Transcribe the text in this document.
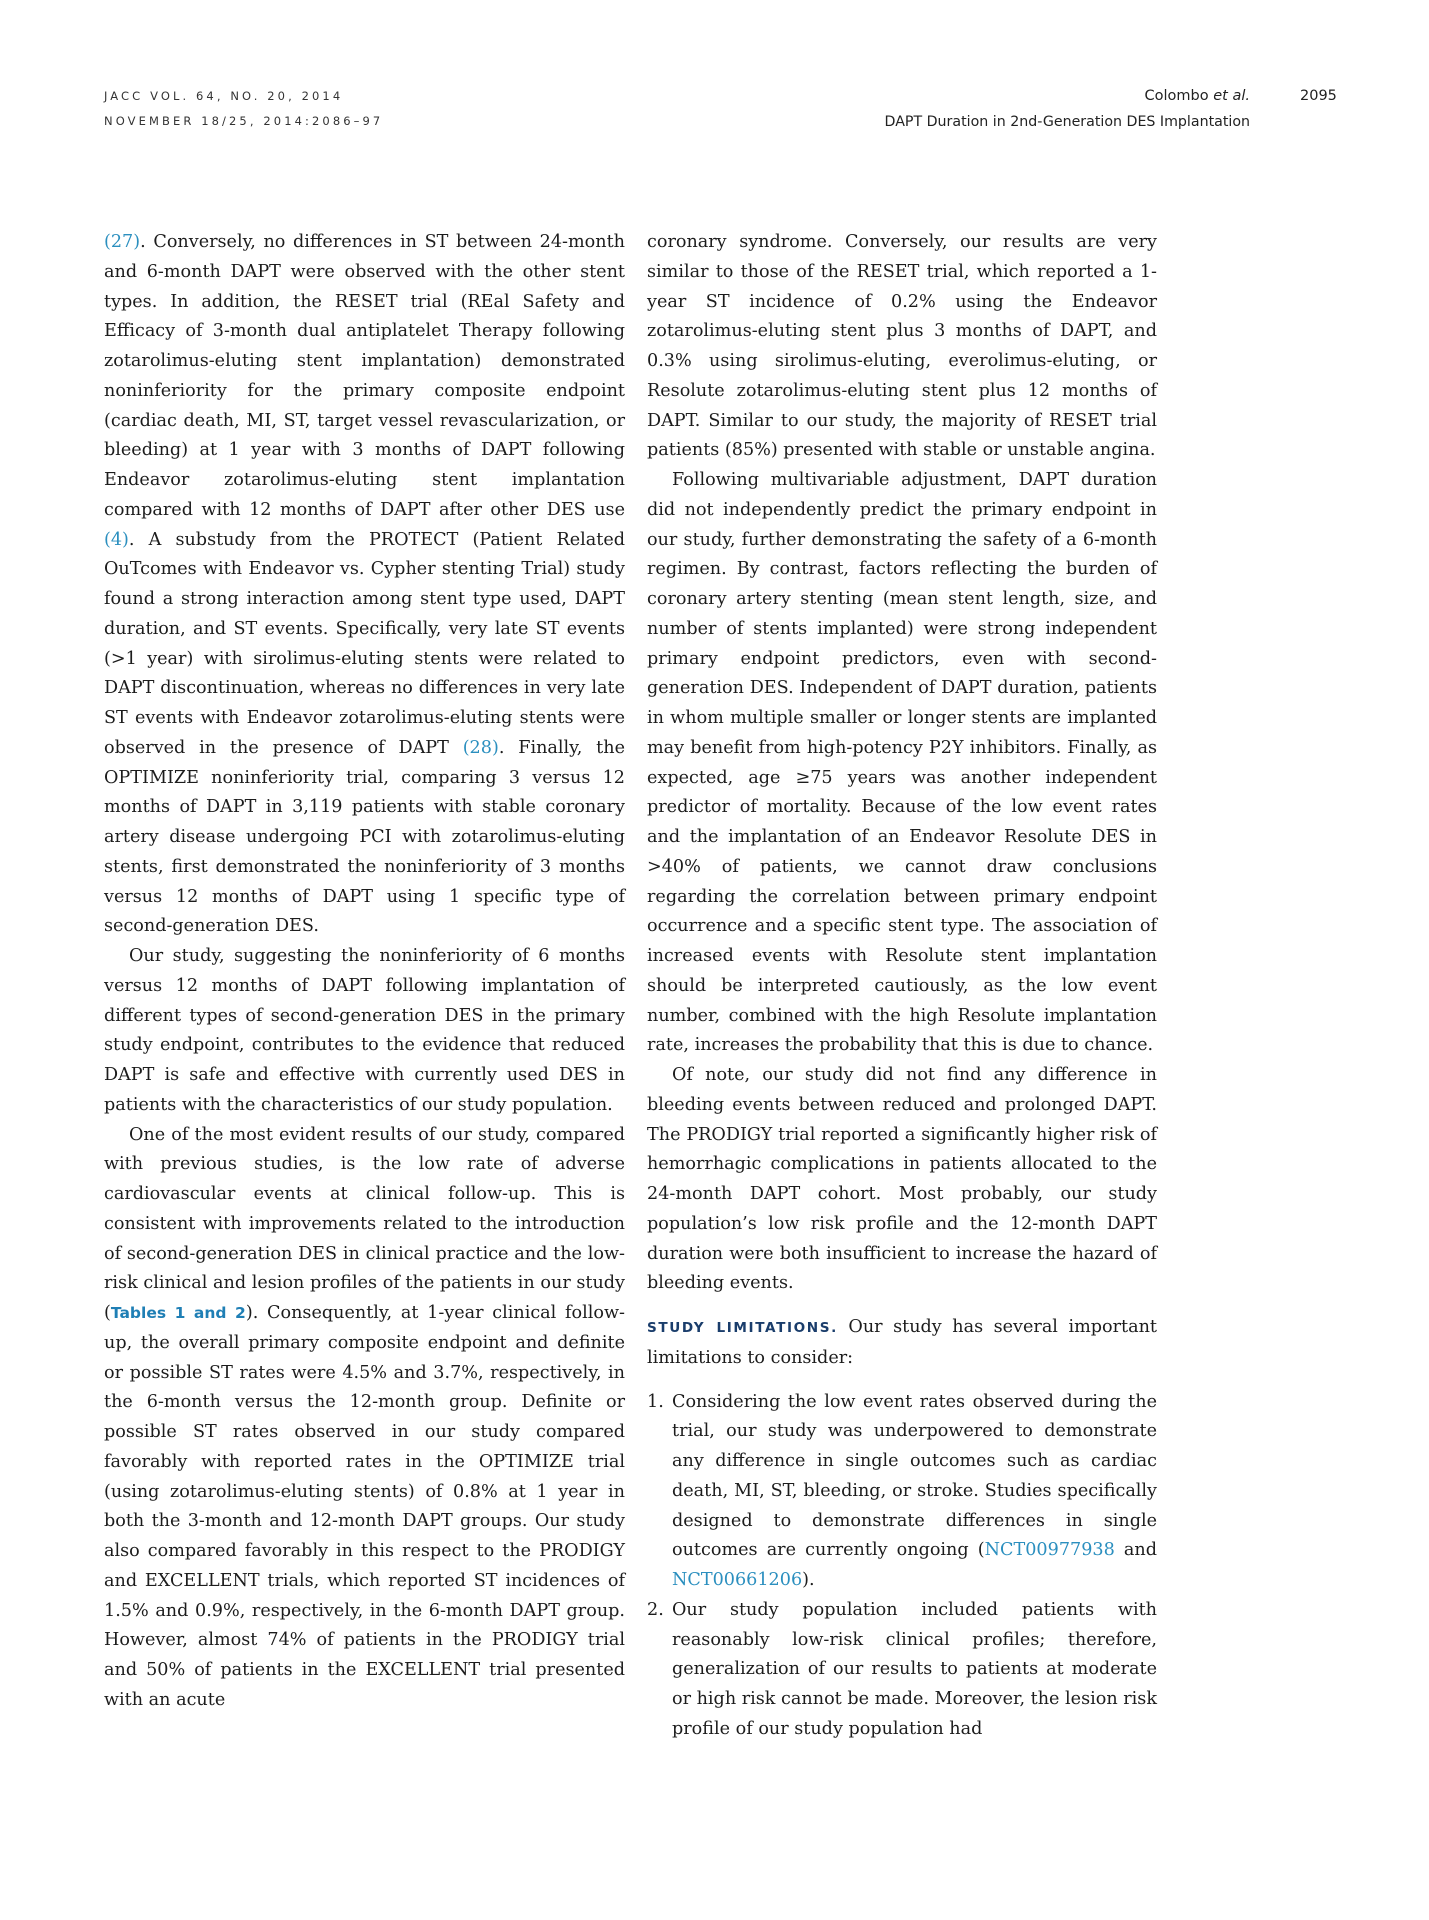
JACC VOL. 64, NO. 20, 2014
NOVEMBER 18/25, 2014:2086–97
Colombo et al.
DAPT Duration in 2nd-Generation DES Implantation
2095

(27). Conversely, no differences in ST between 24-month and 6-month DAPT were observed with the other stent types. In addition, the RESET trial (REal Safety and Efficacy of 3-month dual antiplatelet Therapy following zotarolimus-eluting stent implantation) demonstrated noninferiority for the primary composite endpoint (cardiac death, MI, ST, target vessel revascularization, or bleeding) at 1 year with 3 months of DAPT following Endeavor zotarolimus-eluting stent implantation compared with 12 months of DAPT after other DES use (4). A substudy from the PROTECT (Patient Related OuTcomes with Endeavor vs. Cypher stenting Trial) study found a strong interaction among stent type used, DAPT duration, and ST events. Specifically, very late ST events (>1 year) with sirolimus-eluting stents were related to DAPT discontinuation, whereas no differences in very late ST events with Endeavor zotarolimus-eluting stents were observed in the presence of DAPT (28). Finally, the OPTIMIZE noninferiority trial, comparing 3 versus 12 months of DAPT in 3,119 patients with stable coronary artery disease undergoing PCI with zotarolimus-eluting stents, first demonstrated the noninferiority of 3 months versus 12 months of DAPT using 1 specific type of second-generation DES.

Our study, suggesting the noninferiority of 6 months versus 12 months of DAPT following implantation of different types of second-generation DES in the primary study endpoint, contributes to the evidence that reduced DAPT is safe and effective with currently used DES in patients with the characteristics of our study population.

One of the most evident results of our study, compared with previous studies, is the low rate of adverse cardiovascular events at clinical follow-up. This is consistent with improvements related to the introduction of second-generation DES in clinical practice and the low-risk clinical and lesion profiles of the patients in our study (Tables 1 and 2). Consequently, at 1-year clinical follow-up, the overall primary composite endpoint and definite or possible ST rates were 4.5% and 3.7%, respectively, in the 6-month versus the 12-month group. Definite or possible ST rates observed in our study compared favorably with reported rates in the OPTIMIZE trial (using zotarolimus-eluting stents) of 0.8% at 1 year in both the 3-month and 12-month DAPT groups. Our study also compared favorably in this respect to the PRODIGY and EXCELLENT trials, which reported ST incidences of 1.5% and 0.9%, respectively, in the 6-month DAPT group. However, almost 74% of patients in the PRODIGY trial and 50% of patients in the EXCELLENT trial presented with an acute

coronary syndrome. Conversely, our results are very similar to those of the RESET trial, which reported a 1-year ST incidence of 0.2% using the Endeavor zotarolimus-eluting stent plus 3 months of DAPT, and 0.3% using sirolimus-eluting, everolimus-eluting, or Resolute zotarolimus-eluting stent plus 12 months of DAPT. Similar to our study, the majority of RESET trial patients (85%) presented with stable or unstable angina.

Following multivariable adjustment, DAPT duration did not independently predict the primary endpoint in our study, further demonstrating the safety of a 6-month regimen. By contrast, factors reflecting the burden of coronary artery stenting (mean stent length, size, and number of stents implanted) were strong independent primary endpoint predictors, even with second-generation DES. Independent of DAPT duration, patients in whom multiple smaller or longer stents are implanted may benefit from high-potency P2Y inhibitors. Finally, as expected, age ≥75 years was another independent predictor of mortality. Because of the low event rates and the implantation of an Endeavor Resolute DES in >40% of patients, we cannot draw conclusions regarding the correlation between primary endpoint occurrence and a specific stent type. The association of increased events with Resolute stent implantation should be interpreted cautiously, as the low event number, combined with the high Resolute implantation rate, increases the probability that this is due to chance.

Of note, our study did not find any difference in bleeding events between reduced and prolonged DAPT. The PRODIGY trial reported a significantly higher risk of hemorrhagic complications in patients allocated to the 24-month DAPT cohort. Most probably, our study population’s low risk profile and the 12-month DAPT duration were both insufficient to increase the hazard of bleeding events.

STUDY LIMITATIONS. Our study has several important limitations to consider:

1. Considering the low event rates observed during the trial, our study was underpowered to demonstrate any difference in single outcomes such as cardiac death, MI, ST, bleeding, or stroke. Studies specifically designed to demonstrate differences in single outcomes are currently ongoing (NCT00977938 and NCT00661206).
2. Our study population included patients with reasonably low-risk clinical profiles; therefore, generalization of our results to patients at moderate or high risk cannot be made. Moreover, the lesion risk profile of our study population had
